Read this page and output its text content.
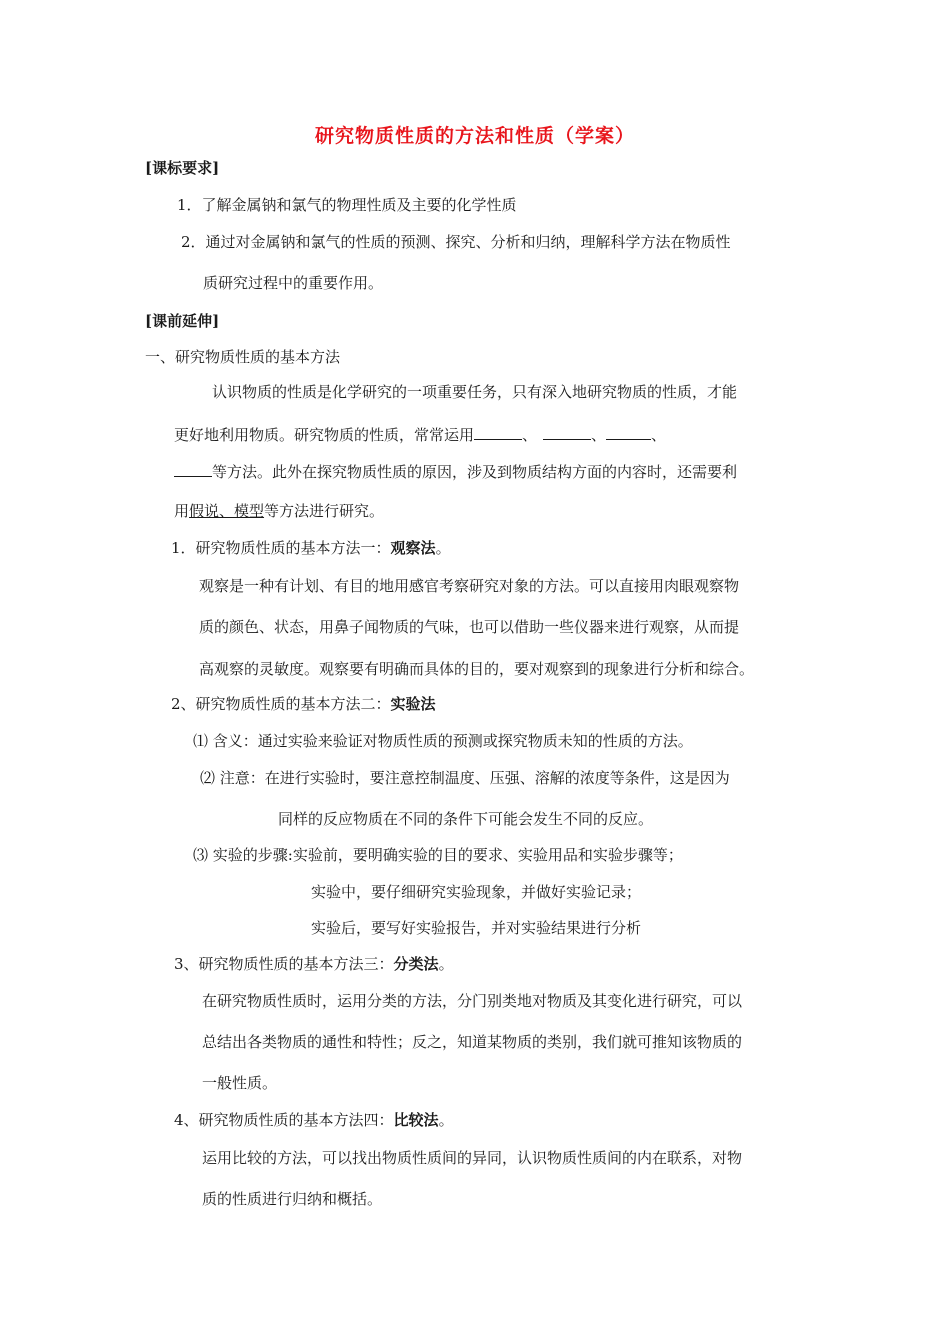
研究物质性质的方法和性质（学案）
[课标要求]
1．了解金属钠和氯气的物理性质及主要的化学性质
2．通过对金属钠和氯气的性质的预测、探究、分析和归纳，理解科学方法在物质性
质研究过程中的重要作用。
[课前延伸]
一、研究物质性质的基本方法
认识物质的性质是化学研究的一项重要任务，只有深入地研究物质的性质，才能
更好地利用物质。研究物质的性质，常常运用	、	、	、
等方法。此外在探究物质性质的原因，涉及到物质结构方面的内容时，还需要利
用假说、模型等方法进行研究。
1．研究物质性质的基本方法一：观察法。
观察是一种有计划、有目的地用感官考察研究对象的方法。可以直接用肉眼观察物
质的颜色、状态，用鼻子闻物质的气味，也可以借助一些仪器来进行观察，从而提
高观察的灵敏度。观察要有明确而具体的目的，要对观察到的现象进行分析和综合。
2、研究物质性质的基本方法二：实验法
⑴ 含义：通过实验来验证对物质性质的预测或探究物质未知的性质的方法。
⑵ 注意：在进行实验时，要注意控制温度、压强、溶解的浓度等条件，这是因为
同样的反应物质在不同的条件下可能会发生不同的反应。
⑶ 实验的步骤:实验前，要明确实验的目的要求、实验用品和实验步骤等；
实验中，要仔细研究实验现象，并做好实验记录；
实验后，要写好实验报告，并对实验结果进行分析
3、研究物质性质的基本方法三：分类法。
在研究物质性质时，运用分类的方法，分门别类地对物质及其变化进行研究，可以
总结出各类物质的通性和特性；反之，知道某物质的类别，我们就可推知该物质的
一般性质。
4、研究物质性质的基本方法四：比较法。
运用比较的方法，可以找出物质性质间的异同，认识物质性质间的内在联系，对物
质的性质进行归纳和概括。
